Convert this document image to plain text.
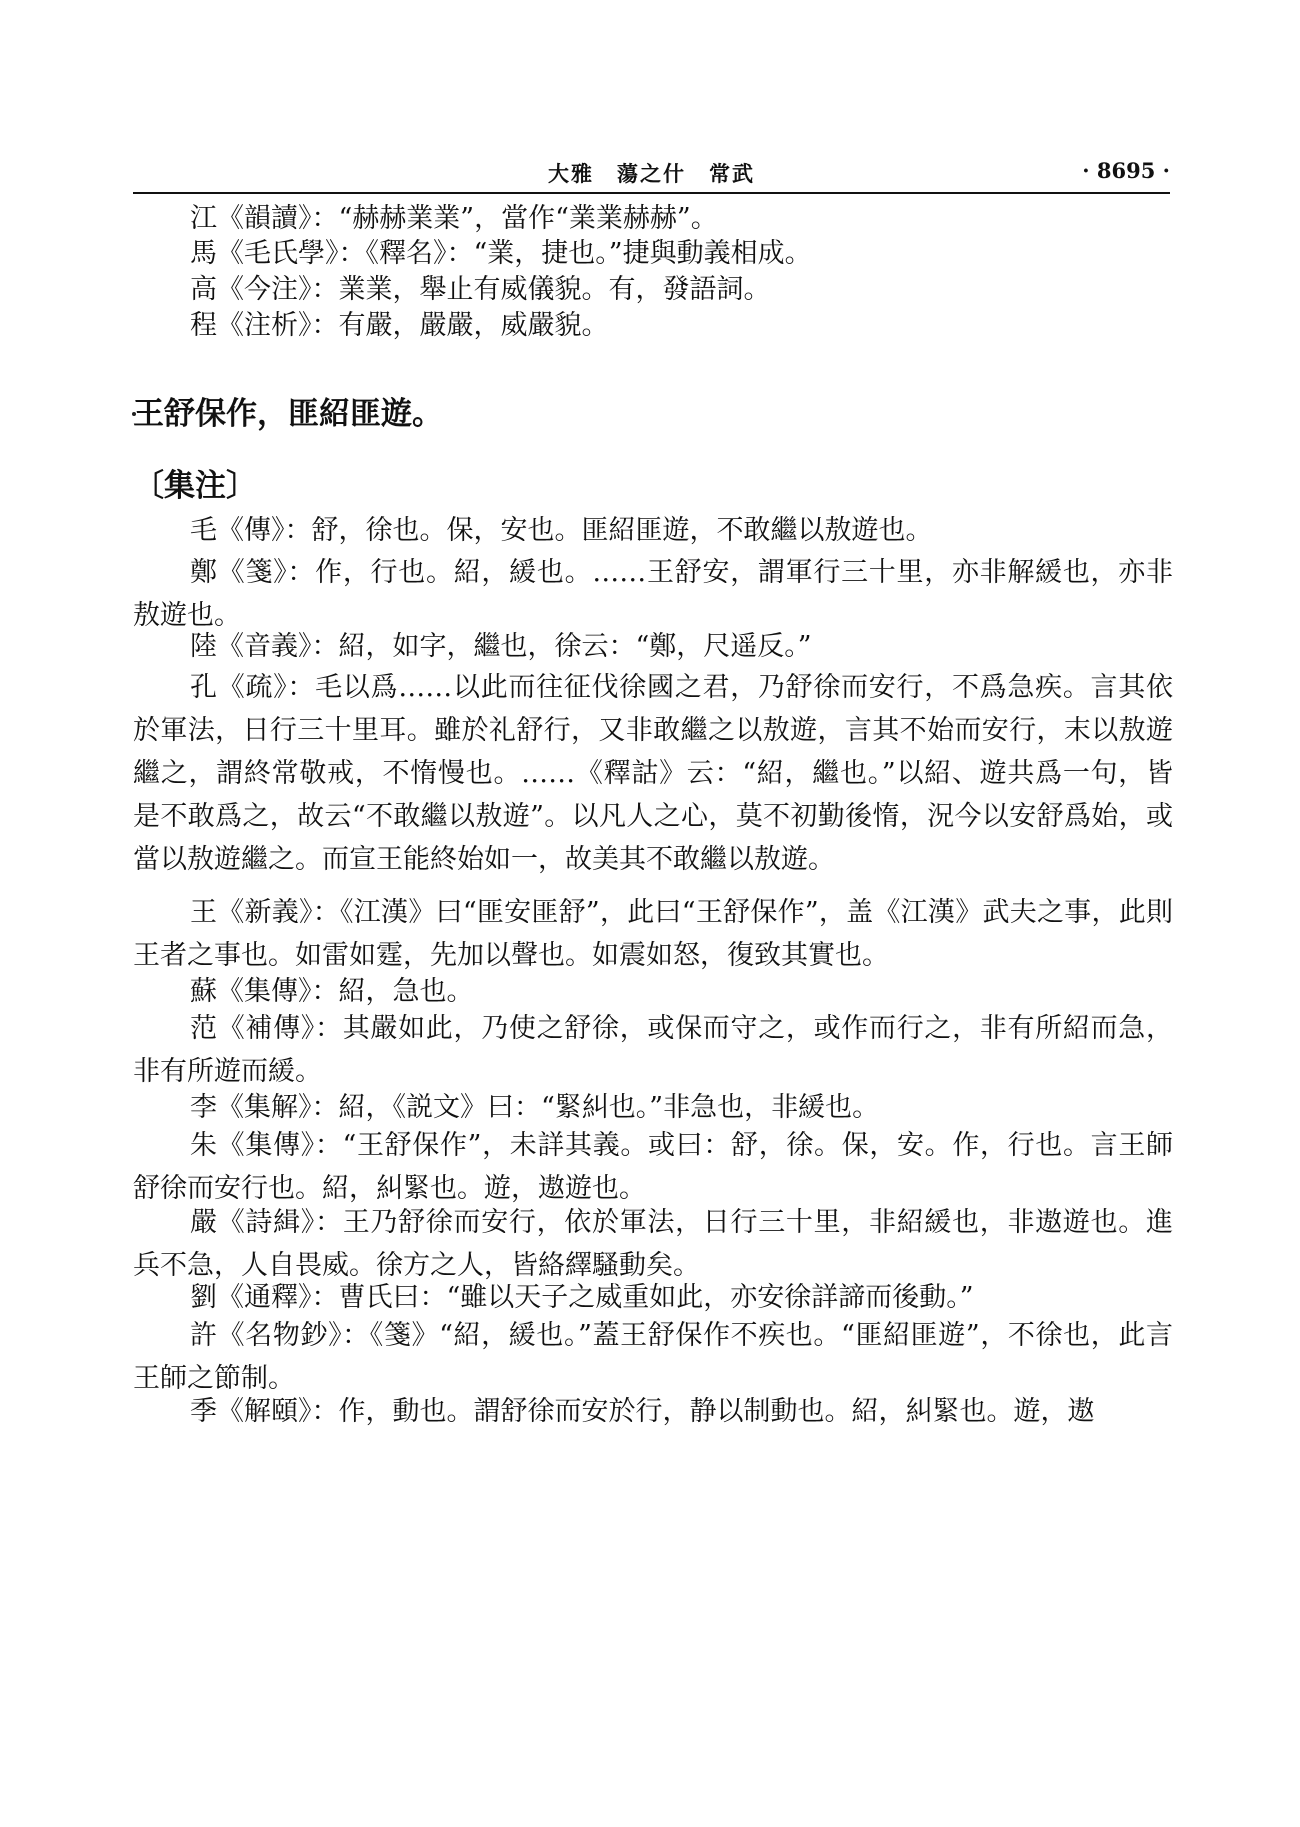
大雅　蕩之什　常武	· 8695 ·

江《韻讀》：“赫赫業業”，當作“業業赫赫”。

馬《毛氏學》：《釋名》：“業，捷也。”捷與動義相成。

高《今注》：業業，舉止有威儀貌。有，發語詞。

程《注析》：有嚴，嚴嚴，威嚴貌。

王舒保作，匪紹匪遊。
〔集注〕

毛《傳》：舒，徐也。保，安也。匪紹匪遊，不敢繼以敖遊也。

鄭《箋》：作，行也。紹，緩也。……王舒安，謂軍行三十里，亦非解緩也，亦非敖遊也。

陸《音義》：紹，如字，繼也，徐云：“鄭，尺遥反。”

孔《疏》：毛以爲……以此而往征伐徐國之君，乃舒徐而安行，不爲急疾。言其依於軍法，日行三十里耳。雖於礼舒行，又非敢繼之以敖遊，言其不始而安行，末以敖遊繼之，謂終常敬戒，不惰慢也。……《釋詁》云：“紹，繼也。”以紹、遊共爲一句，皆是不敢爲之，故云“不敢繼以敖遊”。以凡人之心，莫不初勤後惰，況今以安舒爲始，或當以敖遊繼之。而宣王能終始如一，故美其不敢繼以敖遊。

王《新義》：《江漢》曰“匪安匪舒”，此曰“王舒保作”，盖《江漢》武夫之事，此則王者之事也。如雷如霆，先加以聲也。如震如怒，復致其實也。

蘇《集傳》：紹，急也。

范《補傳》：其嚴如此，乃使之舒徐，或保而守之，或作而行之，非有所紹而急，非有所遊而緩。

李《集解》：紹，《説文》曰：“緊糾也。”非急也，非緩也。

朱《集傳》：“王舒保作”，未詳其義。或曰：舒，徐。保，安。作，行也。言王師舒徐而安行也。紹，糾緊也。遊，遨遊也。

嚴《詩緝》：王乃舒徐而安行，依於軍法，日行三十里，非紹緩也，非遨遊也。進兵不急，人自畏威。徐方之人，皆絡繹騷動矣。

劉《通釋》：曹氏曰：“雖以天子之威重如此，亦安徐詳諦而後動。”

許《名物鈔》：《箋》“紹，緩也。”蓋王舒保作不疾也。“匪紹匪遊”，不徐也，此言王師之節制。

季《解頤》：作，動也。謂舒徐而安於行，静以制動也。紹，糾緊也。遊，遨
